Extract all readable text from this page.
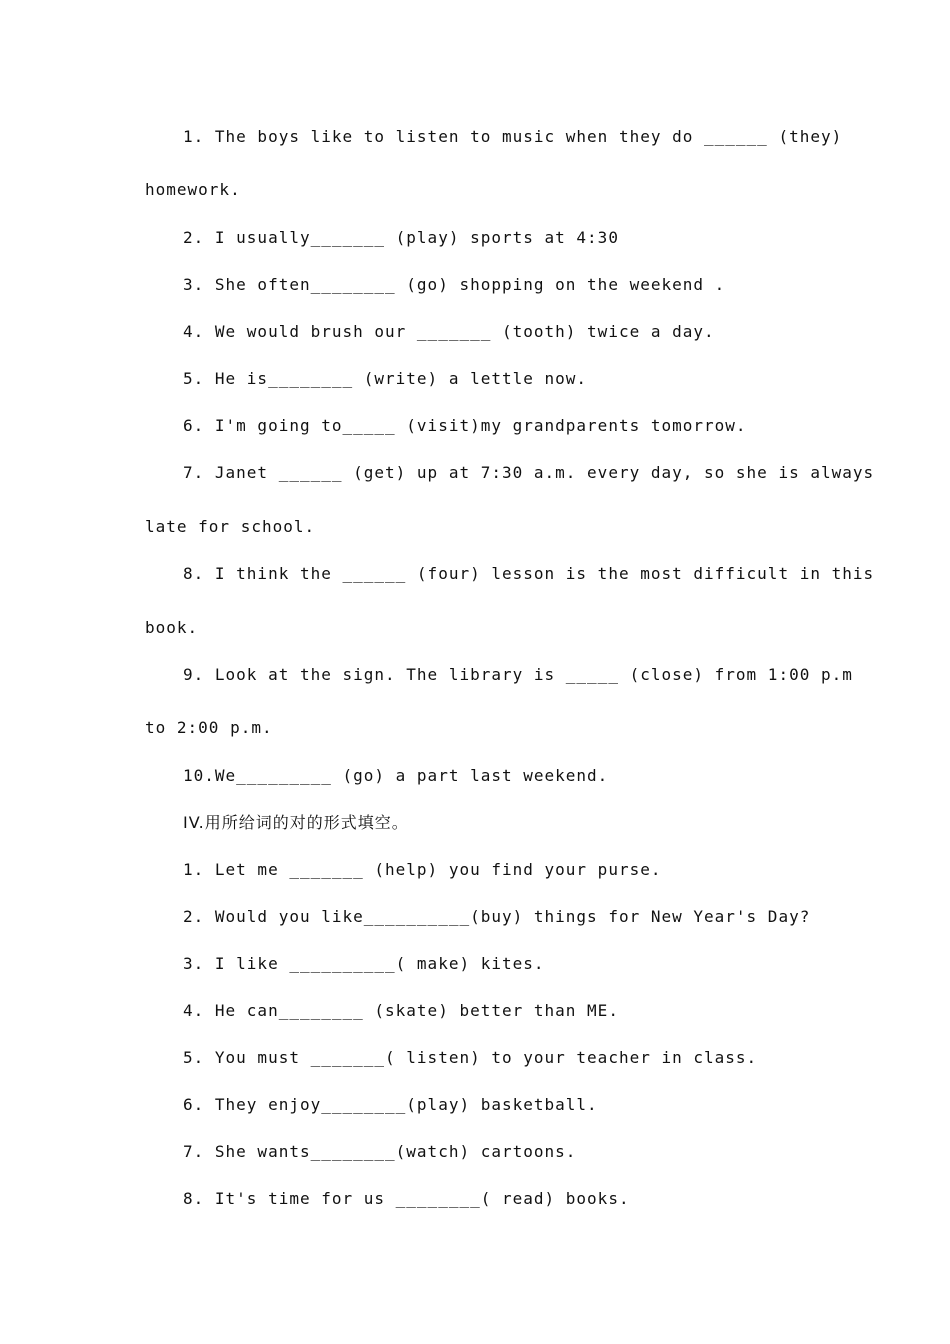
1. The boys like to listen to music when they do ______ (they)
homework.
2. I usually_______ (play) sports at 4:30
3. She often________ (go) shopping on the weekend .
4. We would brush our _______ (tooth) twice a day.
5. He is________ (write) a lettle now.
6. I'm going to_____ (visit)my grandparents tomorrow.
7. Janet ______ (get) up at 7:30 a.m. every day, so she is always
late for school.
8. I think the ______ (four) lesson is the most difficult in this
book.
9. Look at the sign. The library is _____ (close) from 1:00 p.m
to 2:00 p.m.
10.We_________ (go) a part last weekend.
IV.用所给词的对的形式填空。
1. Let me _______ (help) you find your purse.
2. Would you like__________(buy) things for New Year's Day?
3. I like __________( make) kites.
4. He can________ (skate) better than ME.
5. You must _______( listen) to your teacher in class.
6. They enjoy________(play) basketball.
7. She wants________(watch) cartoons.
8. It's time for us ________( read) books.
